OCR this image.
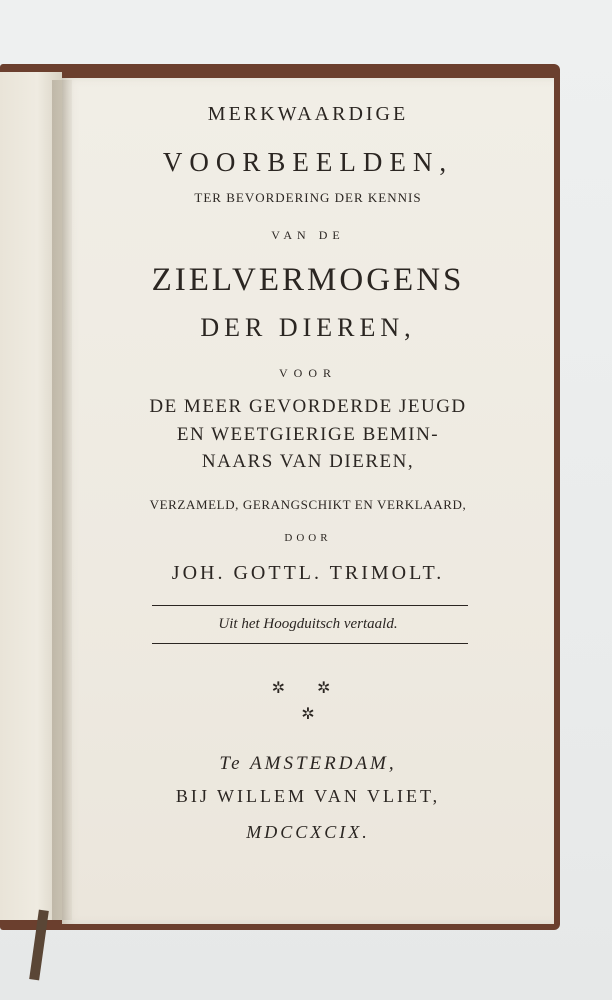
MERKWAARDIGE
VOORBEELDEN,
TER BEVORDERING DER KENNIS
VAN DE
ZIELVERMOGENS
DER DIEREN,
VOOR
DE MEER GEVORDERDE JEUGD
EN WEETGIERIGE BEMIN-
NAARS VAN DIEREN,
VERZAMELD, GERANGSCHIKT EN VERKLAARD,
DOOR
JOH. GOTTL. TRIMOLT.
Uit het Hoogduitsch vertaald.
✲ ✲
✲
Te AMSTERDAM,
BIJ WILLEM VAN VLIET,
MDCCXCIX.
